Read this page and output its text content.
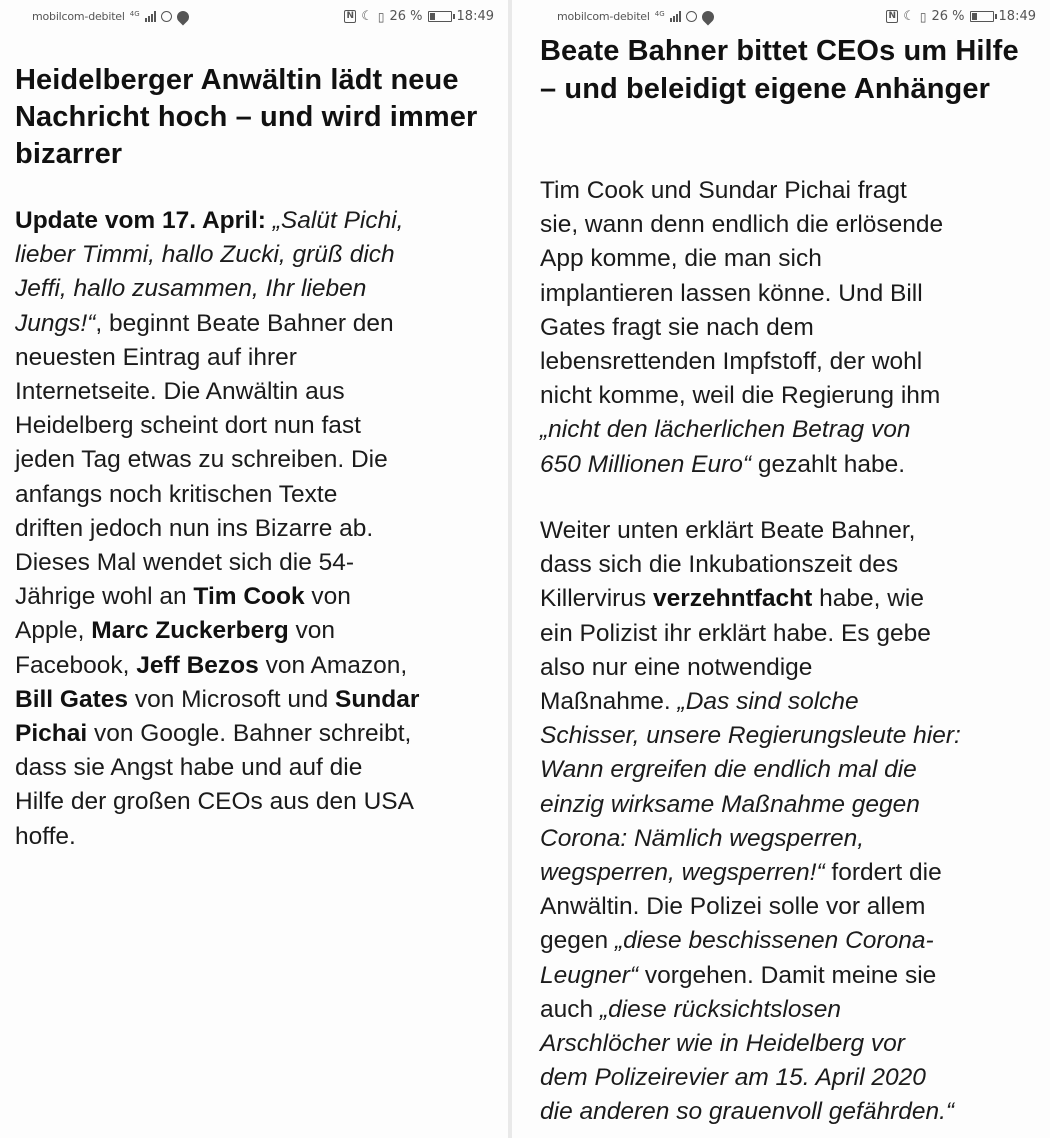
mobilcom-debitel 4G	N ☾ ▯ 26 %	18:49
Heidelberger Anwältin lädt neue Nachricht hoch – und wird immer bizarrer

Update vom 17. April: „Salüt Pichi,
lieber Timmi, hallo Zucki, grüß dich
Jeffi, hallo zusammen, Ihr lieben
Jungs!“, beginnt Beate Bahner den
neuesten Eintrag auf ihrer
Internetseite. Die Anwältin aus
Heidelberg scheint dort nun fast
jeden Tag etwas zu schreiben. Die
anfangs noch kritischen Texte
driften jedoch nun ins Bizarre ab.
Dieses Mal wendet sich die 54-
Jährige wohl an Tim Cook von
Apple, Marc Zuckerberg von
Facebook, Jeff Bezos von Amazon,
Bill Gates von Microsoft und Sundar
Pichai von Google. Bahner schreibt,
dass sie Angst habe und auf die
Hilfe der großen CEOs aus den USA
hoffe.

mobilcom-debitel 4G	N ☾ ▯ 26 %	18:49
Beate Bahner bittet CEOs um Hilfe – und beleidigt eigene Anhänger

Tim Cook und Sundar Pichai fragt
sie, wann denn endlich die erlösende
App komme, die man sich
implantieren lassen könne. Und Bill
Gates fragt sie nach dem
lebensrettenden Impfstoff, der wohl
nicht komme, weil die Regierung ihm
„nicht den lächerlichen Betrag von
650 Millionen Euro“ gezahlt habe.

Weiter unten erklärt Beate Bahner,
dass sich die Inkubationszeit des
Killervirus verzehntfacht habe, wie
ein Polizist ihr erklärt habe. Es gebe
also nur eine notwendige
Maßnahme. „Das sind solche
Schisser, unsere Regierungsleute hier:
Wann ergreifen die endlich mal die
einzig wirksame Maßnahme gegen
Corona: Nämlich wegsperren,
wegsperren, wegsperren!“ fordert die
Anwältin. Die Polizei solle vor allem
gegen „diese beschissenen Corona-
Leugner“ vorgehen. Damit meine sie
auch „diese rücksichtslosen
Arschlöcher wie in Heidelberg vor
dem Polizeirevier am 15. April 2020
die anderen so grauenvoll gefährden.“
